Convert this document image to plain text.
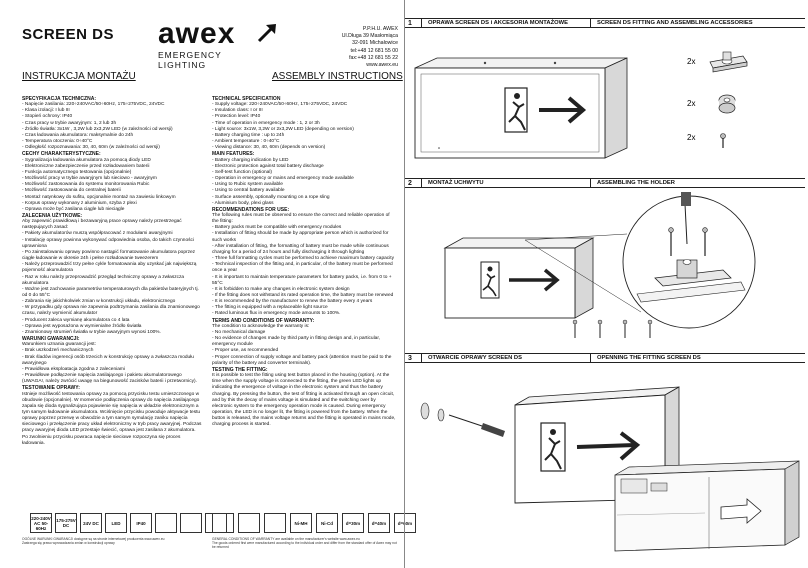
SCREEN DS awex
EMERGENCY LIGHTING
P.P.H.U. AWEX
Ul.Długa 39 Masłomiąca
32-091 Michałowice
tel:+48 12 681 55 00
fax:+48 12 681 55 22
www.awex.eu
INSTRUKCJA MONTAŻU	ASSEMBLY INSTRUCTIONS
SPECYFIKACJA TECHNICZNA:
- Napięcie zasilania: 220÷240VAC/50÷60Hz, 175÷275VDC, 24VDC
- Klasa izolacji: I lub III
- Stopień ochrony: IP40
- Czas pracy w trybie awaryjnym: 1, 2 lub 3h
- Źródło światła: 3x1W , 3,2W lub 2x3,2W LED (w zależności od wersji)
- Czas ładowania akumulatora: maksymalnie do 24h
- Temperatura otoczenia: 0÷40°C
- Odległość rozpoznawania: 30, 40, 60m (w zależności od wersji)
CECHY CHARAKTERYSTYCZNE:
- Sygnalizacja ładowania akumulatora za pomocą diody LED
- Elektroniczne zabezpieczenie przed rozładowaniem baterii
- Funkcja automatycznego testowania (opcjonalnie)
- Możliwość pracy w trybie awaryjnym lub sieciowo - awaryjnym
- Możliwość zastosowania do systemu monitorowania Rubic
- Możliwość zastosowania do centralnej baterii
- Montaż natynkowy do sufitu, opcjonalnie montaż na zawiesiu linkowym
- Korpus oprawy wykonany z aluminium, szyba z plexi
- Oprawa może być zasilana ciągle lub nieciągle
ZALECENIA UŻYTKOWE:
Aby zapewnić prawidłową i bezawaryjną prace oprawy należy przestrzegać następujących zasad:
- Pakiety akumulatorów muszą współpracować z modułami awaryjnymi
- Instalację oprawy powinna wykonywać odpowiednia osoba, do takich czynności uprawniona
- Po zainstalowaniu oprawy powinno nastąpić formatowanie akumulatora poprzez ciągłe ładowanie w okresie 24h i pełne rozładowanie tweezerem
- Należy przeprowadzić trzy pełne cykle formatowania aby uzyskać jak największą pojemność akumulatora
- Raz w roku należy przeprowadzić przegląd techniczny oprawy a zwłaszcza akumulatora
- Ważne jest zachowanie parametrów temperaturowych dla pakietów bateryjnych tj. od 0 do 55°C
- Zabrania się jakichkolwiek zmian w konstrukcji układu, elektronicznego
- W przypadku gdy oprawa nie zapewnia podtrzymania zasilania dla znamionowego czasu, należy wymienić akumulator
- Producent zaleca wymianę akumulatora co 4 lata
- Oprawa jest wyposażona w wymienialne źródło światła
- Znamionowy strumień światła w trybie awaryjnym wynosi 100%.
WARUNKI GWARANCJI:
Warunkiem uznania gwarancji jest:
- Brak uszkodzeń mechanicznych
- Brak śladów ingerencji osób trzecich w konstrukcję oprawy a zwłaszcza modułu awaryjnego
- Prawidłowa eksploatacja zgodna z zaleceniami
- Prawidłowe podłączenie napięcia zasilającego i pakietu akumulatorowego (UWAGA!, należy zwrócić uwagę na biegunowość zacisków baterii i przetwornicy).
TESTOWANIE OPRAWY:
Istnieje możliwość testowania oprawy za pomocą przycisku testu umieszczonego w obudowie (opcjonalnie). W momencie podłączenia oprawy do napięcia zasilającego zapala się dioda sygnalizująca pojawienie się napięcia w układzie elektronicznym a tym samym ładowanie akumulatora. Wciśnięcie przycisku powoduje aktywacje testu oprawy poprzez przerwę w obwodzie a tym samym symulację zaniku napięcia sieciowego i przełączenie pracy układ elektroniczny w tryb pracy awaryjnej. Podczas pracy awaryjnej dioda LED przestaje świecić, oprawa jest zasilana z akumulatora. Po zwolnieniu przycisku powraca napięcie sieciowe rozpoczyna się proces ładowania.
TECHNICAL SPECIFICATION
- Supply voltage: 220÷240VAC/50÷60Hz, 175÷275VDC, 24VDC
- Insulation class: I or III
- Protection level: IP40
- Time of operation in emergency mode : 1, 2 or 3h
- Light source: 3x1W, 3,2W or 2x3,2W LED (depending on version)
- Battery charging time : up to 24h
- Ambient temperature : 0÷40°C
- Viewing distance: 30, 40, 60m (depends on version)
MAIN FEATURES:
- Battery charging indication by LED
- Electronic protection against total battery discharge
- Self-test function (optional)
- Operation in emergency or mains and emergency mode available
- Using to Rubic system available
- Using to central battery available
- Surface assembly, optionally mounting on a rope sling
- Aluminium body, plexi glass
RECOMMENDATIONS FOR USE:
The following rules must be observed to ensure the correct and reliable operation of the fitting:
- Battery packs must be compatible with emergency modules
- Installation of fitting should be made by appropriate person which is authorized for such works
- After installation of fitting, the formatting of battery must be made while continuous charging for a period of 24 hours and fully discharging it through lighting
- Three full formatting cycles must be performed to achieve maximum battery capacity
- Technical inspection of the fitting and, in particular, of the battery must be performed once a year
- It is important to maintain temperature parameters for battery packs, i.e. from 0 to + 55°C
- It is forbidden to make any changes in electronic system design
- If the fitting does not withstand its rated operation time, the battery must be renewed
- It is recommended by the manufacturer to renew the battery every 4 years
- The fitting is equipped with a replaceable light source
- Rated luminous flux in emergency mode amounts to 100%.
TERMS AND CONDITIONS OF WARRANTY:
The condition to acknowledge the warranty is:
- No mechanical damage
- No evidence of changes made by third party in fitting design and, in particular, emergency module
- Proper use, as recommended
- Proper connection of supply voltage and battery pack (attention must be paid to the polarity of the battery and converter terminals).
TESTING THE FITTING:
It is possible to test the fitting using test button placed in the housing (option). At the time when the supply voltage is connected to the fitting, the green LED lights up indicating the emergence of voltage in the electronic system and thus the battery charging. By pressing the button, the test of fitting is activated through an open circuit, and by this the decay of mains voltage is simulated and the switching over by electronic system to the emergency operation mode is caused. During emergency operation, the LED is no longer lit, the fitting is powered from the battery. When the button is released, the mains voltage returns and the fitting is operated in mains mode, charging process is started.
220-240V AC 50-60Hz
175-275V DC	24V DC	LED	IP40	Ni-MH	Ni-Cd	d=30m	d=40m	d=60m
OGÓLNE WARUNKI GWARANCJI dostępne są na stronie internetowej producenta www.awex.eu
Zastrzega się prawo wprowadzania zmian w konstrukcji oprawy
GENERAL CONDITIONS OF WARRANTY are available on the manufacturer's website www.awex.eu
The goods ordered first were manufactured according to the individual order and differ from the standard offer of Awex may not be returned
1	OPRAWA SCREEN DS i AKCESORIA MONTAŻOWE	SCREEN DS FITTING AND ASSEMBLING ACCESSORIES
2x
2x
2x
2	MONTAŻ UCHWYTU	ASSEMBLING THE HOLDER
3	OTWARCIE OPRAWY SCREEN DS	OPENNING THE FITTING SCREEN DS
